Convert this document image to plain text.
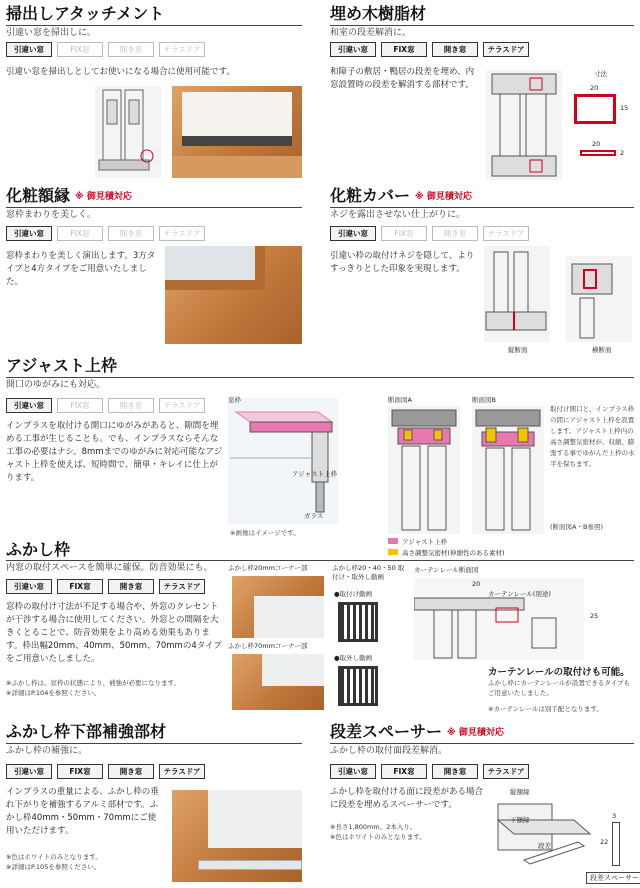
掃出しアタッチメント
引違い窓を掃出しに。
引違い窓	FIX窓	開き窓	テラスドア
引違い窓を掃出しとしてお使いになる場合に使用可能です。
埋め木樹脂材
和室の段差解消に。
引違い窓	FIX窓	開き窓	テラスドア
和障子の敷居・鴨居の段差を埋め、内窓設置時の段差を解消する部材です。
寸法
20
15
20
2
化粧額縁 ※ 御見積対応
窓枠まわりを美しく。
引違い窓	FIX窓	開き窓	テラスドア
窓枠まわりを美しく演出します。3方タイプと4方タイプをご用意いたしました。
化粧カバー ※ 御見積対応
ネジを露出させない仕上がりに。
引違い窓	FIX窓	開き窓	テラスドア
引違い枠の取付けネジを隠して、よりすっきりとした印象を実現します。
縦断面	横断面
アジャスト上枠
開口のゆがみにも対応。
引違い窓	FIX窓	開き窓	テラスドア
インプラスを取付ける開口にゆがみがあると、隙間を埋める工事が生じることも。でも、インプラスならそんな工事の必要はナシ。8mmまでのゆがみに対応可能なアジャスト上枠を使えば、短時間で、簡単・キレイに仕上がります。
窓枠
アジャスト上枠
ガラス
※画像はイメージです。
断面図A	断面図B
アジャスト上枠
高さ調整気密材(伸縮性のある素材)
取付け開口と、インプラス枠の間にアジャスト上枠を設置します。アジャスト上枠内の高さ調整気密材が、収縮、膨張する事でゆがんだ上枠の水平を保ちます。
(断面図A・B参照)
ふかし枠
内窓の取付スペースを簡単に確保。防音効果にも。
引違い窓	FIX窓	開き窓	テラスドア
窓枠の取付け寸法が不足する場合や、外窓のクレセントが干渉する場合に使用してください。外窓との間隔を大きくとることで、防音効果をより高める効果もあります。枠出幅20mm、40mm、50mm、70mmの4タイプをご用意いたしました。
※ふかし枠は、窓枠の状態により、補強が必要になります。
※詳細はP.104を参照ください。
ふかし枠20mmコーナー部
ふかし枠70mmコーナー部
ふかし枠20・40・50 取付け・取外し動画
●取付け動画
●取外し動画
カーテンレール断面図
20
25
カーテンレール(別途)
カーテンレールの取付けも可能。
ふかし枠にカーテンレールが設置できるタイプもご用意いたしました。
※カーテンレールは別手配となります。
ふかし枠下部補強部材
ふかし枠の補強に。
引違い窓	FIX窓	開き窓	テラスドア
インプラスの重量による、ふかし枠の垂れ下がりを補強するアルミ部材です。ふかし枠40mm・50mm・70mmにご使用いただけます。
※色はホワイトのみとなります。
※詳細はP.105を参照ください。
段差スペーサー ※ 御見積対応
ふかし枠の取付面段差解消。
引違い窓	FIX窓	開き窓	テラスドア
ふかし枠を取付ける面に段差がある場合に段差を埋めるスペーサーです。
※長さ1,800mm、2本入り。
※色はホワイトのみとなります。
縦額縁
下額縁
段差
3
22
段差スペーサー
